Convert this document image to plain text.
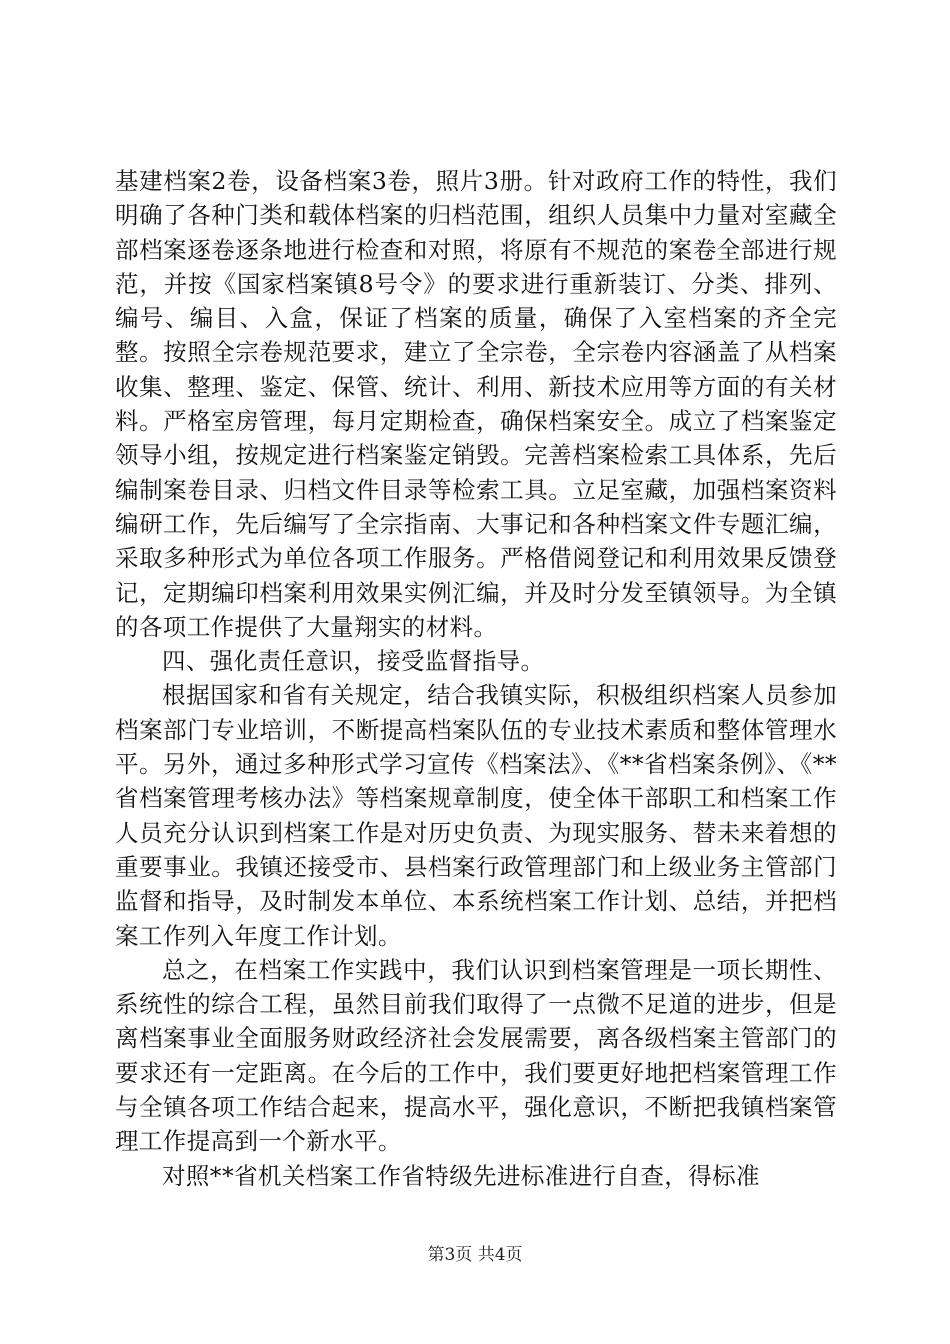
基建档案2卷，设备档案3卷，照片3册。针对政府工作的特性，我们明确了各种门类和载体档案的归档范围，组织人员集中力量对室藏全部档案逐卷逐条地进行检查和对照，将原有不规范的案卷全部进行规范，并按《国家档案镇8号令》的要求进行重新装订、分类、排列、编号、编目、入盒，保证了档案的质量，确保了入室档案的齐全完整。按照全宗卷规范要求，建立了全宗卷，全宗卷内容涵盖了从档案收集、整理、鉴定、保管、统计、利用、新技术应用等方面的有关材料。严格室房管理，每月定期检查，确保档案安全。成立了档案鉴定领导小组，按规定进行档案鉴定销毁。完善档案检索工具体系，先后编制案卷目录、归档文件目录等检索工具。立足室藏，加强档案资料编研工作，先后编写了全宗指南、大事记和各种档案文件专题汇编，采取多种形式为单位各项工作服务。严格借阅登记和利用效果反馈登记，定期编印档案利用效果实例汇编，并及时分发至镇领导。为全镇的各项工作提供了大量翔实的材料。

四、强化责任意识，接受监督指导。

根据国家和省有关规定，结合我镇实际，积极组织档案人员参加档案部门专业培训，不断提高档案队伍的专业技术素质和整体管理水平。另外，通过多种形式学习宣传《档案法》、《**省档案条例》、《**省档案管理考核办法》等档案规章制度，使全体干部职工和档案工作人员充分认识到档案工作是对历史负责、为现实服务、替未来着想的重要事业。我镇还接受市、县档案行政管理部门和上级业务主管部门监督和指导，及时制发本单位、本系统档案工作计划、总结，并把档案工作列入年度工作计划。

总之，在档案工作实践中，我们认识到档案管理是一项长期性、系统性的综合工程，虽然目前我们取得了一点微不足道的进步，但是离档案事业全面服务财政经济社会发展需要，离各级档案主管部门的要求还有一定距离。在今后的工作中，我们要更好地把档案管理工作与全镇各项工作结合起来，提高水平，强化意识，不断把我镇档案管理工作提高到一个新水平。

对照**省机关档案工作省特级先进标准进行自查，得标准

第3页 共4页
